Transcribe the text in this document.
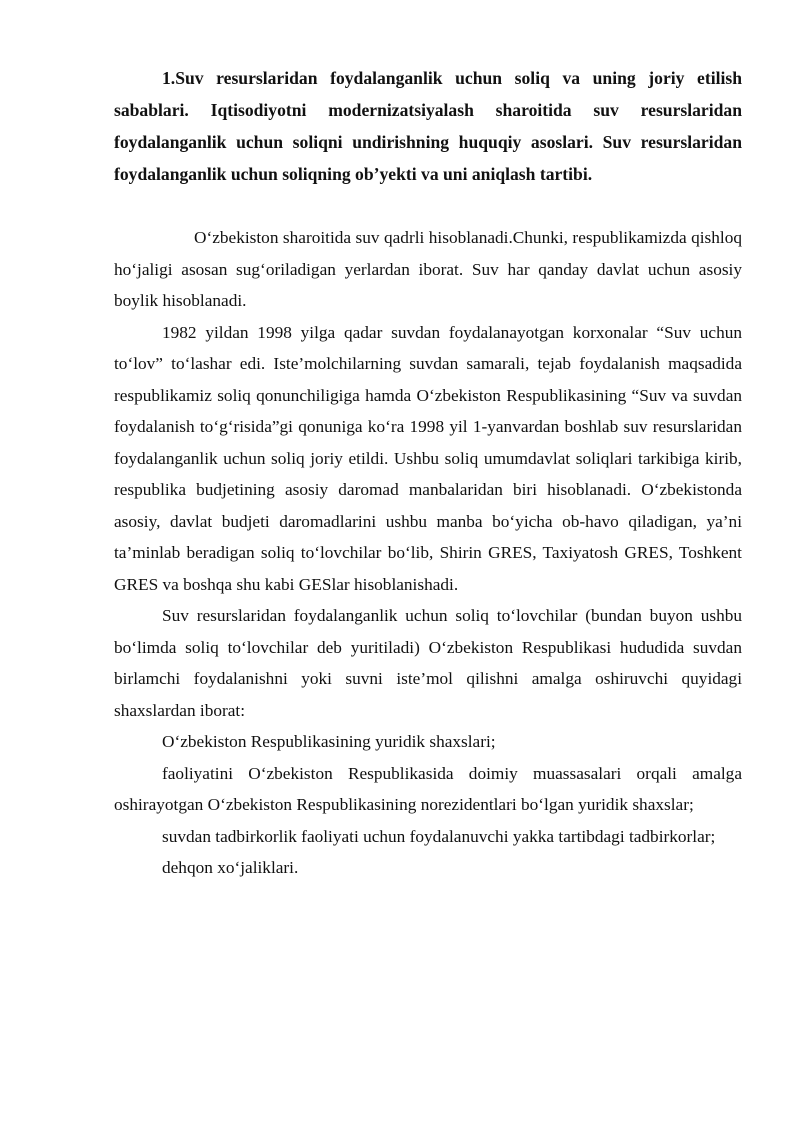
1.Suv resurslaridan foydalanganlik uchun soliq va uning joriy etilish sabablari. Iqtisodiyotni modernizatsiyalash sharoitida suv resurslaridan foydalanganlik uchun soliqni undirishning huquqiy asoslari. Suv resurslaridan foydalanganlik uchun soliqning ob’yekti va uni aniqlash tartibi.

O‘zbekiston sharoitida suv qadrli hisoblanadi.Chunki, respublikamizda qishloq ho‘jaligi asosan sug‘oriladigan yerlardan iborat. Suv har qanday davlat uchun asosiy boylik hisoblanadi.

1982 yildan 1998 yilga qadar suvdan foydalanayotgan korxonalar “Suv uchun to‘lov” to‘lashar edi. Iste’molchilarning suvdan samarali, tejab foydalanish maqsadida respublikamiz soliq qonunchiligiga hamda O‘zbekiston Respublikasining “Suv va suvdan foydalanish to‘g‘risida”gi qonuniga ko‘ra 1998 yil 1-yanvardan boshlab suv resurslaridan foydalanganlik uchun soliq joriy etildi. Ushbu soliq umumdavlat soliqlari tarkibiga kirib, respublika budjetining asosiy daromad manbalaridan biri hisoblanadi. O‘zbekistonda asosiy, davlat budjeti daromadlarini ushbu manba bo‘yicha ob-havo qiladigan, ya’ni ta’minlab beradigan soliq to‘lovchilar bo‘lib, Shirin GRES, Taxiyatosh GRES, Toshkent GRES va boshqa shu kabi GESlar hisoblanishadi.

Suv resurslaridan foydalanganlik uchun soliq to‘lovchilar (bundan buyon ushbu bo‘limda soliq to‘lovchilar deb yuritiladi) O‘zbekiston Respublikasi hududida suvdan birlamchi foydalanishni yoki suvni iste’mol qilishni amalga oshiruvchi quyidagi shaxslardan iborat:

O‘zbekiston Respublikasining yuridik shaxslari;

faoliyatini O‘zbekiston Respublikasida doimiy muassasalari orqali amalga oshirayotgan O‘zbekiston Respublikasining norezidentlari bo‘lgan yuridik shaxslar;

suvdan tadbirkorlik faoliyati uchun foydalanuvchi yakka tartibdagi tadbirkorlar;

dehqon xo‘jaliklari.
